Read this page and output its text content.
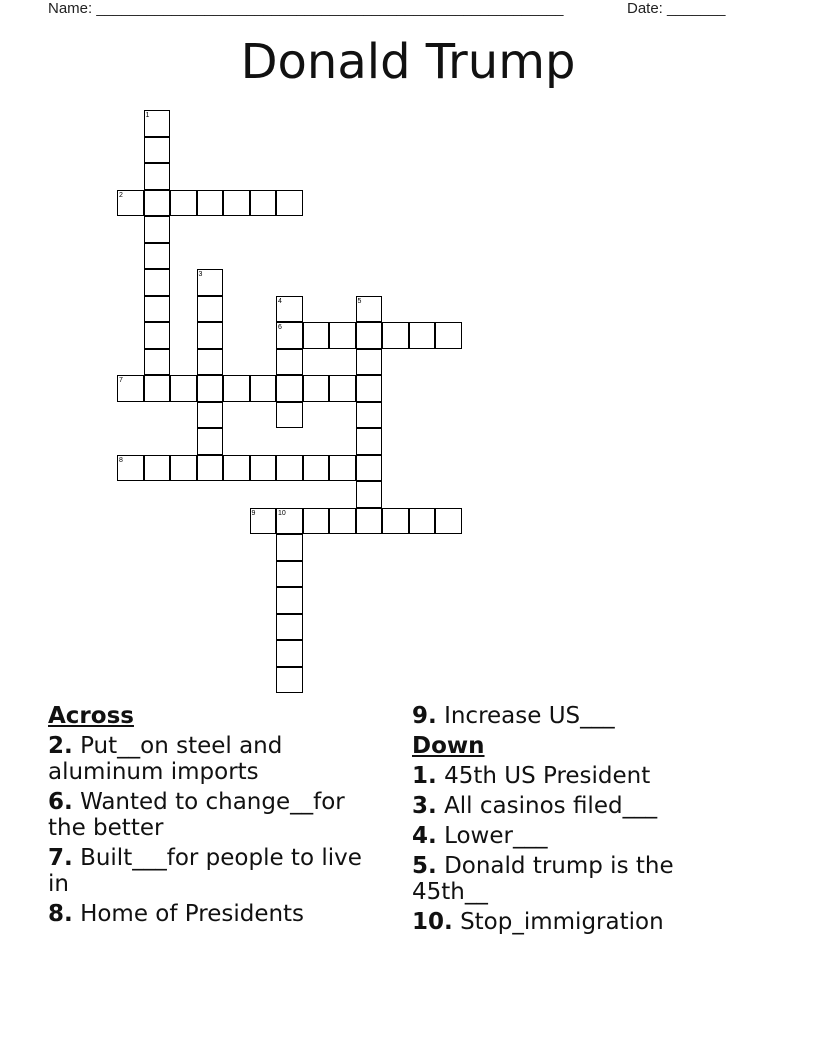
Name: ________________________________________________________	Date: _______
Donald Trump
1
2
3
4	5
6
7
8
9	10
Across
2. Put__on steel and aluminum imports
6. Wanted to change__for the better
7. Built___for people to live in
8. Home of Presidents
9. Increase US___
Down
1. 45th US President
3. All casinos filed___
4. Lower___
5. Donald trump is the 45th__
10. Stop_immigration
